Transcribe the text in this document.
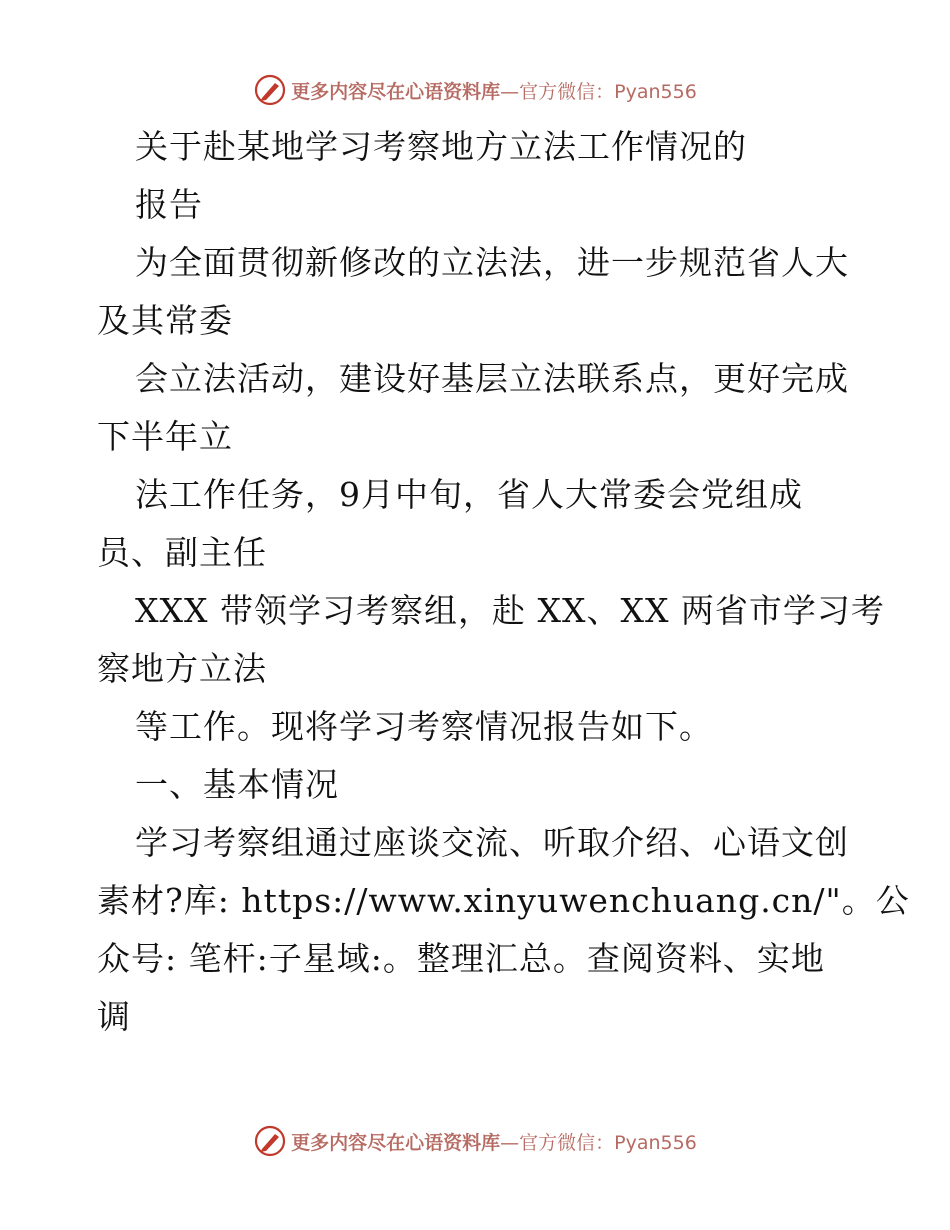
更多内容尽在心语资料库—官方微信：Pyan556
关于赴某地学习考察地方立法工作情况的
报告
为全面贯彻新修改的立法法，进一步规范省人大
及其常委
会立法活动，建设好基层立法联系点，更好完成
下半年立
法工作任务，9月中旬，省人大常委会党组成
员、副主任
XXX 带领学习考察组，赴 XX、XX 两省市学习考
察地方立法
等工作。现将学习考察情况报告如下。
一、基本情况
学习考察组通过座谈交流、听取介绍、心语文创
素材?库: https://www.xinyuwenchuang.cn/"。公
众号: 笔杆:子星域:。整理汇总。查阅资料、实地
调
更多内容尽在心语资料库—官方微信：Pyan556
